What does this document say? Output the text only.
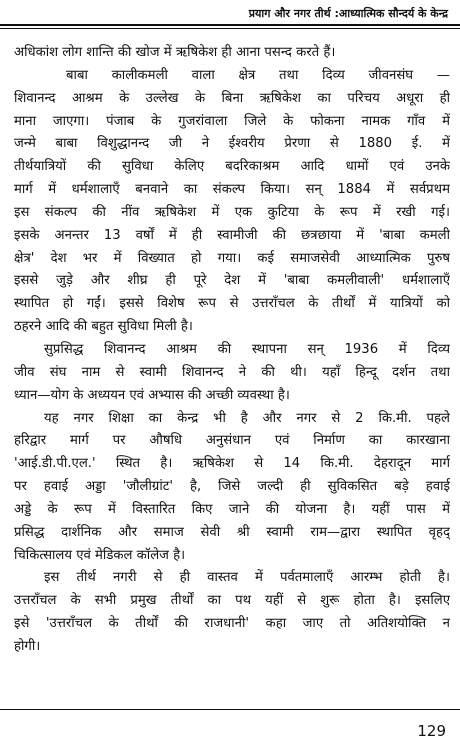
प्रयाग और नगर तीर्थ :आध्यात्मिक सौन्दर्य के केन्द्र
अधिकांश लोग शान्ति की खोज में ऋषिकेश ही आना पसन्द करते हैं।
बाबा कालीकमली वाला क्षेत्र तथा दिव्य जीवनसंघ —
शिवानन्द आश्रम के उल्लेख के बिना ऋषिकेश का परिचय अधूरा ही
माना जाएगा। पंजाब के गुजरांवाला जिले के फोकना नामक गाँव में
जन्मे बाबा विशुद्धानन्द जी ने ईश्वरीय प्रेरणा से 1880 ई. में
तीर्थयात्रियों की सुविधा केलिए बदरिकाश्रम आदि धामों एवं उनके
मार्ग में धर्मशालाएँ बनवाने का संकल्प किया। सन् 1884 में सर्वप्रथम
इस संकल्प की नींव ऋषिकेश में एक कुटिया के रूप में रखी गई।
इसके अनन्तर 13 वर्षों में ही स्वामीजी की छत्रछाया में 'बाबा कमली
क्षेत्र' देश भर में विख्यात हो गया। कई समाजसेवी आध्यात्मिक पुरुष
इससे जुड़े और शीघ्र ही पूरे देश में 'बाबा कमलीवाली' धर्मशालाएँ
स्थापित हो गईं। इससे विशेष रूप से उत्तराँचल के तीर्थों में यात्रियों को
ठहरने आदि की बहुत सुविधा मिली है।
सुप्रसिद्ध शिवानन्द आश्रम की स्थापना सन् 1936 में दिव्य
जीव संघ नाम से स्वामी शिवानन्द ने की थी। यहाँ हिन्दू दर्शन तथा
ध्यान—योग के अध्ययन एवं अभ्यास की अच्छी व्यवस्था है।
यह नगर शिक्षा का केन्द्र भी है और नगर से 2 कि.मी. पहले
हरिद्वार मार्ग पर औषधि अनुसंधान एवं निर्माण का कारखाना
'आई.डी.पी.एल.' स्थित है। ऋषिकेश से 14 कि.मी. देहरादून मार्ग
पर हवाई अड्डा 'जौलीग्रांट' है, जिसे जल्दी ही सुविकसित बड़े हवाई
अड्डे के रूप में विस्तारित किए जाने की योजना है। यहीं पास में
प्रसिद्ध दार्शनिक और समाज सेवी श्री स्वामी राम—द्वारा स्थापित वृहद्
चिकित्सालय एवं मेडिकल कॉलेज है।
इस तीर्थ नगरी से ही वास्तव में पर्वतमालाएँ आरम्भ होती है।
उत्तराँचल के सभी प्रमुख तीर्थों का पथ यहीं से शुरू होता है। इसलिए
इसे 'उत्तराँचल के तीर्थों की राजधानी' कहा जाए तो अतिशयोक्ति न
होगी।
129
